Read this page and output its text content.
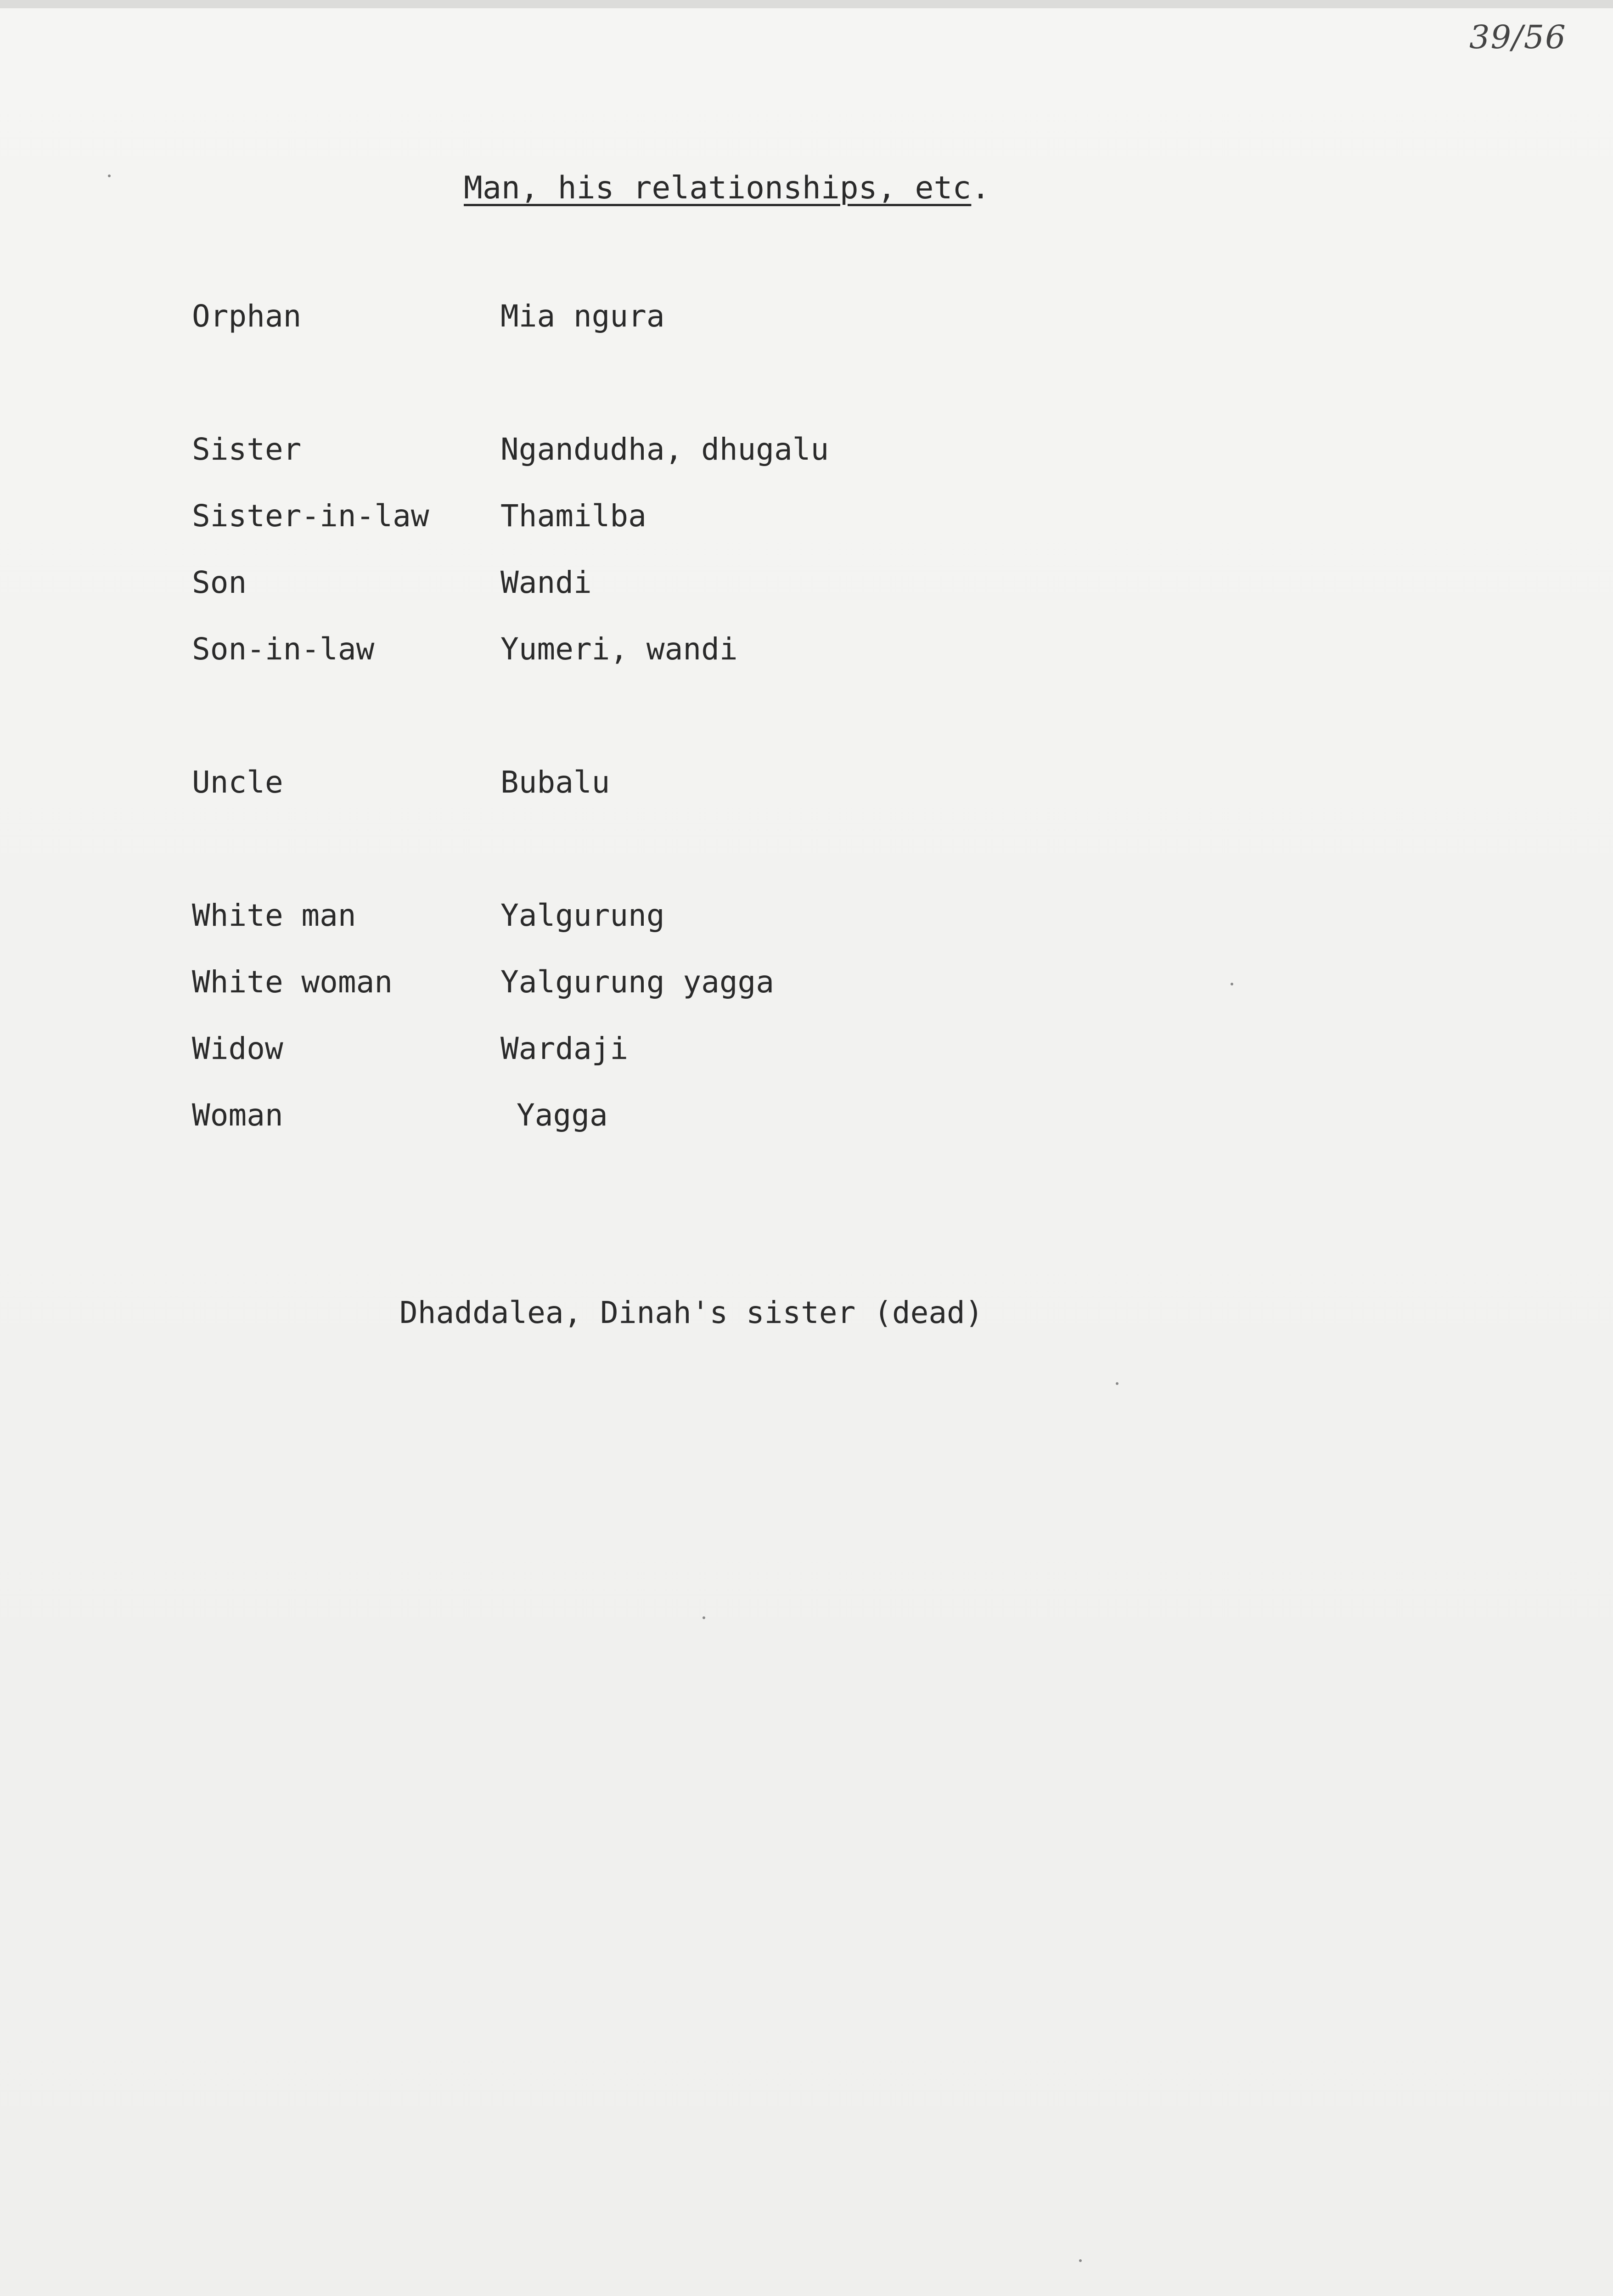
39/56
Man, his relationships, etc.
Orphan	Mia ngura
Sister	Ngandudha, dhugalu
Sister-in-law Thamilba
Son	Wandi
Son-in-law	Yumeri, wandi
Uncle	Bubalu
White man	Yalgurung
White woman	Yalgurung yagga
Widow	Wardaji
Woman	Yagga
Dhaddalea, Dinah's sister (dead)
